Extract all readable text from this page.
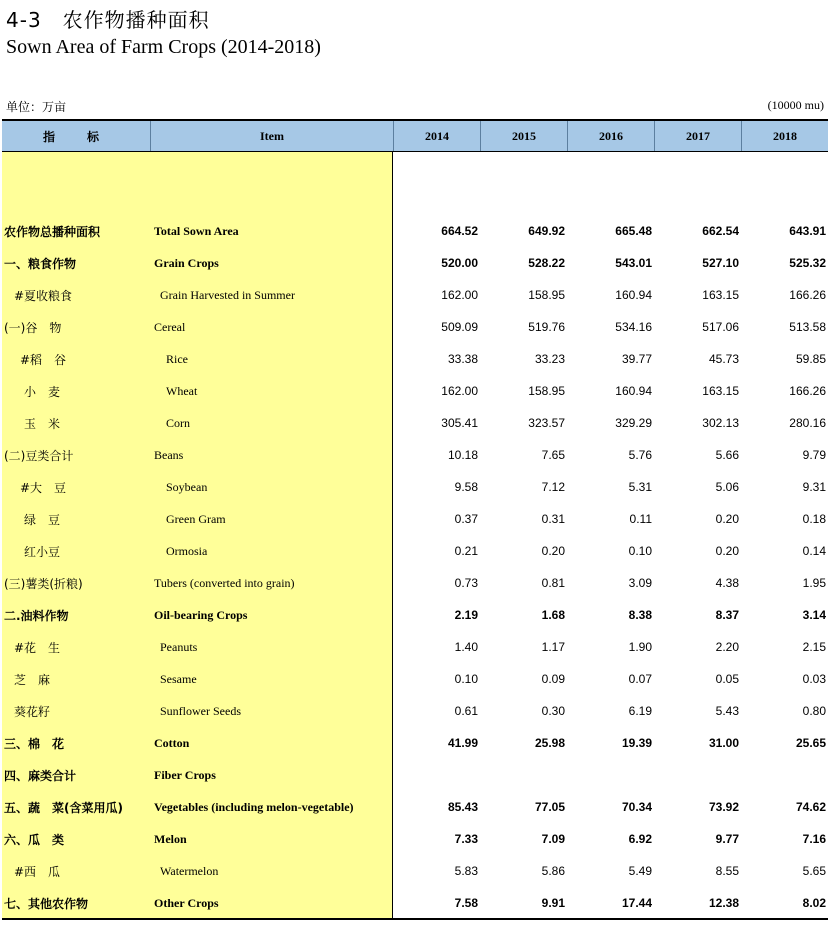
4-3　农作物播种面积
Sown Area of Farm Crops (2014-2018)
单位：万亩	(10000 mu)
指　标	Item	2014	2015	2016	2017	2018
农作物总播种面积	Total Sown Area	664.52	649.92	665.48	662.54	643.91
一、粮食作物	Grain Crops	520.00	528.22	543.01	527.10	525.32
#夏收粮食	Grain Harvested in Summer	162.00	158.95	160.94	163.15	166.26
(一)谷　物	Cereal	509.09	519.76	534.16	517.06	513.58
#稻　谷	Rice	33.38	33.23	39.77	45.73	59.85
小　麦	Wheat	162.00	158.95	160.94	163.15	166.26
玉　米	Corn	305.41	323.57	329.29	302.13	280.16
(二)豆类合计	Beans	10.18	7.65	5.76	5.66	9.79
#大　豆	Soybean	9.58	7.12	5.31	5.06	9.31
绿　豆	Green Gram	0.37	0.31	0.11	0.20	0.18
红小豆	Ormosia	0.21	0.20	0.10	0.20	0.14
(三)薯类(折粮)	Tubers (converted into grain)	0.73	0.81	3.09	4.38	1.95
二.油料作物	Oil-bearing Crops	2.19	1.68	8.38	8.37	3.14
#花　生	Peanuts	1.40	1.17	1.90	2.20	2.15
芝　麻	Sesame	0.10	0.09	0.07	0.05	0.03
葵花籽	Sunflower Seeds	0.61	0.30	6.19	5.43	0.80
三、棉　花	Cotton	41.99	25.98	19.39	31.00	25.65
四、麻类合计	Fiber Crops
五、蔬　菜(含菜用瓜)	Vegetables (including melon-vegetable)	85.43	77.05	70.34	73.92	74.62
六、瓜　类	Melon	7.33	7.09	6.92	9.77	7.16
#西　瓜	Watermelon	5.83	5.86	5.49	8.55	5.65
七、其他农作物	Other Crops	7.58	9.91	17.44	12.38	8.02
